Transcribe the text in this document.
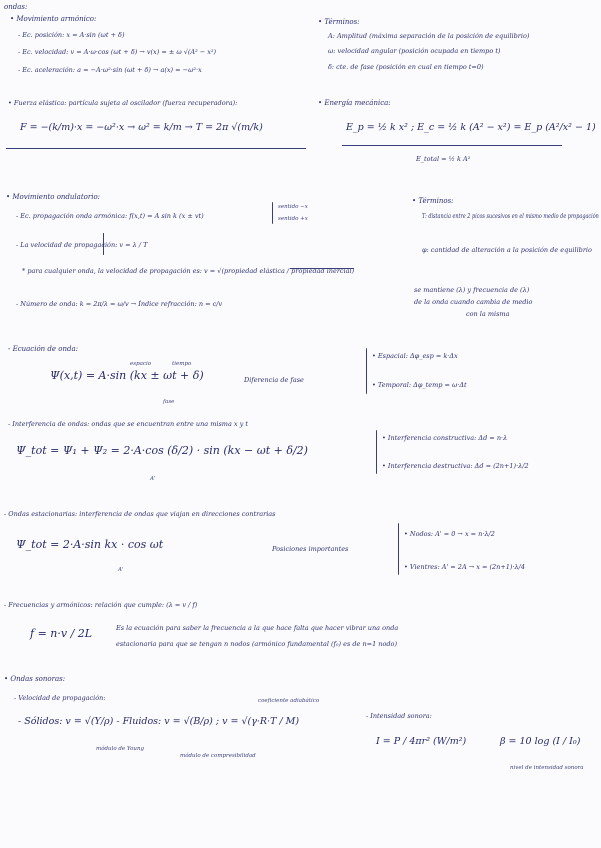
ondas:
• Movimiento armónico:
- Ec. posición: x = A·sin (ωt + δ)
- Ec. velocidad: v = A·ω·cos (ωt + δ) → v(x) = ± ω √(A² − x²)
- Ec. aceleración: a = −A·ω²·sin (ωt + δ) → a(x) = −ω²·x
• Términos:
A: Amplitud (máxima separación de la posición de equilibrio)
ω: velocidad angular (posición ocupada en tiempo t)
δ: cte. de fase (posición en cual en tiempo t=0)
• Fuerza elástica: partícula sujeta al oscilador (fuerza recuperadora):
F = −(k/m)·x = −ω²·x → ω² = k/m → T = 2π √(m/k)
• Energía mecánica:
E_p = ½ k x² ; E_c = ½ k (A² − x²) = E_p (A²/x² − 1)
E_total = ½ k A²
• Movimiento ondulatorio:
- Ec. propagación onda armónica: f(x,t) = A sin k (x ± vt)
sentido −x
sentido +x
- La velocidad de propagación: v = λ / T
* para cualquier onda, la velocidad de propagación es: v = √(propiedad elástica / propiedad inercial)
- Número de onda: k = 2π/λ = ω/v → Índice refracción: n = c/v
• Términos:
T: distancia entre 2 picos sucesivos en el mismo medio de propagación
φ: cantidad de alteración a la posición de equilibrio
se mantiene (λ) y frecuencia de (λ)
de la onda cuando cambia de medio
con la misma
- Ecuación de onda:
espacio	tiempo
Ψ(x,t) = A·sin (kx ± ωt + δ)
fase
Diferencia de fase
• Espacial: Δφ_esp = k·Δx
• Temporal: Δφ_temp = ω·Δt
- Interferencia de ondas: ondas que se encuentran entre una misma x y t
Ψ_tot = Ψ₁ + Ψ₂ = 2·A·cos (δ/2) · sin (kx − ωt + δ/2)
A'
• Interferencia constructiva: Δd = n·λ
• Interferencia destructiva: Δd = (2n+1)·λ/2
- Ondas estacionarias: interferencia de ondas que viajan en direcciones contrarias
Ψ_tot = 2·A·sin kx · cos ωt
A'
Posiciones importantes
• Nodos: A' = 0 → x = n·λ/2
• Vientres: A' = 2A → x = (2n+1)·λ/4
- Frecuencias y armónicos: relación que cumple: (λ = v / f)
f = n·v / 2L	Es la ecuación para saber la frecuencia a la que hace falta que hacer vibrar una onda
estacionaria para que se tengan n nodos (armónico fundamental (f₀) es de n=1 nodo)
• Ondas sonoras:
- Velocidad de propagación:	coeficiente adiabático
- Sólidos: v = √(Y/ρ) - Fluidos: v = √(B/ρ) ; v = √(γ·R·T / M)
módulo de Young
módulo de compresibilidad
- Intensidad sonora:
I = P / 4πr² (W/m²)	β = 10 log (I / I₀)
nivel de intensidad sonora
